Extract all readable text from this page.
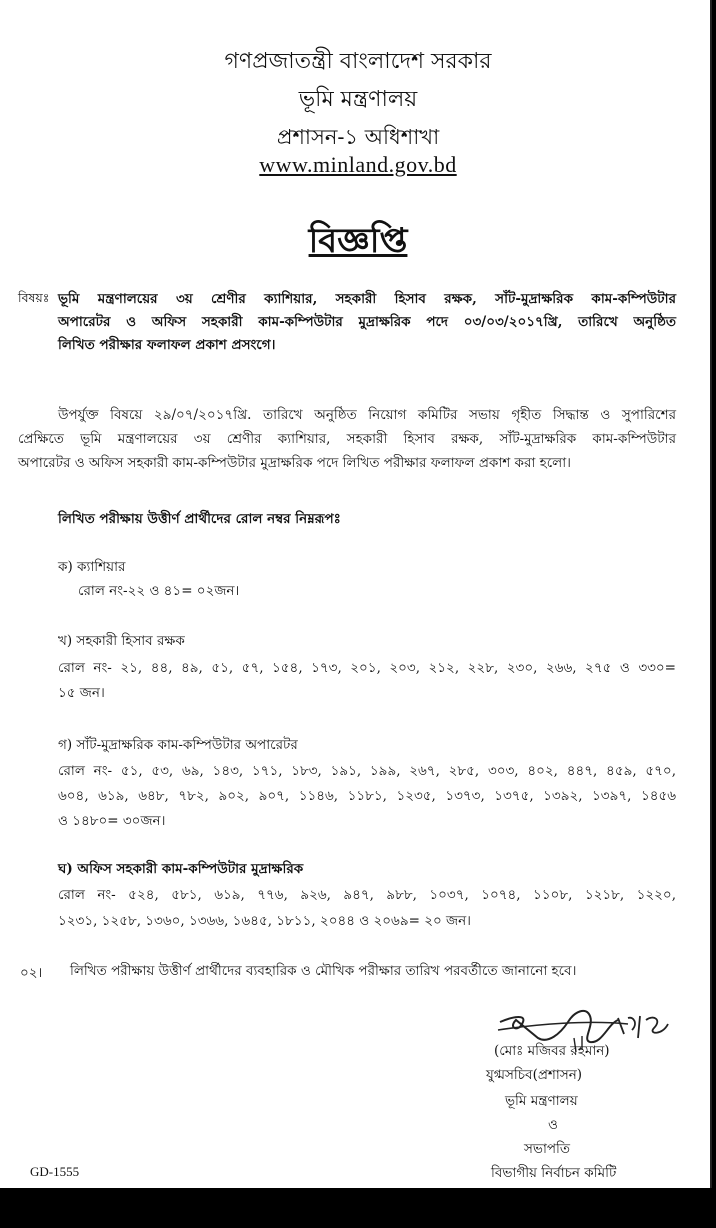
গণপ্রজাতন্ত্রী বাংলাদেশ সরকার
ভূমি মন্ত্রণালয়
প্রশাসন-১ অধিশাখা
www.minland.gov.bd
বিজ্ঞপ্তি
বিষয়ঃ ভূমি মন্ত্রণালয়ের ৩য় শ্রেণীর ক্যাশিয়ার, সহকারী হিসাব রক্ষক, সাঁট-মুদ্রাক্ষরিক কাম-কম্পিউটার
অপারেটর ও অফিস সহকারী কাম-কম্পিউটার মুদ্রাক্ষরিক পদে ০৩/০৩/২০১৭খ্রি, তারিখে অনুষ্ঠিত
লিখিত পরীক্ষার ফলাফল প্রকাশ প্রসংগে।
উপর্যুক্ত বিষয়ে ২৯/০৭/২০১৭খ্রি. তারিখে অনুষ্ঠিত নিয়োগ কমিটির সভায় গৃহীত সিদ্ধান্ত ও সুপারিশের
প্রেক্ষিতে ভূমি মন্ত্রণালয়ের ৩য় শ্রেণীর ক্যাশিয়ার, সহকারী হিসাব রক্ষক, সাঁট-মুদ্রাক্ষরিক কাম-কম্পিউটার
অপারেটর ও অফিস সহকারী কাম-কম্পিউটার মুদ্রাক্ষরিক পদে লিখিত পরীক্ষার ফলাফল প্রকাশ করা হলো।
লিখিত পরীক্ষায় উত্তীর্ণ প্রার্থীদের রোল নম্বর নিম্নরূপঃ
ক) ক্যাশিয়ার
রোল নং-২২ ও ৪১= ০২জন।
খ) সহকারী হিসাব রক্ষক
রোল নং- ২১, ৪৪, ৪৯, ৫১, ৫৭, ১৫৪, ১৭৩, ২০১, ২০৩, ২১২, ২২৮, ২৩০, ২৬৬, ২৭৫ ও ৩৩০=
১৫ জন।
গ) সাঁট-মুদ্রাক্ষরিক কাম-কম্পিউটার অপারেটর
রোল নং- ৫১, ৫৩, ৬৯, ১৪৩, ১৭১, ১৮৩, ১৯১, ১৯৯, ২৬৭, ২৮৫, ৩০৩, ৪০২, ৪৪৭, ৪৫৯, ৫৭০,
৬০৪, ৬১৯, ৬৪৮, ৭৮২, ৯০২, ৯০৭, ১১৪৬, ১১৮১, ১২৩৫, ১৩৭৩, ১৩৭৫, ১৩৯২, ১৩৯৭, ১৪৫৬
ও ১৪৮০= ৩০জন।
ঘ) অফিস সহকারী কাম-কম্পিউটার মুদ্রাক্ষরিক
রোল নং- ৫২৪, ৫৮১, ৬১৯, ৭৭৬, ৯২৬, ৯৪৭, ৯৮৮, ১০৩৭, ১০৭৪, ১১০৮, ১২১৮, ১২২০,
১২৩১, ১২৫৮, ১৩৬০, ১৩৬৬, ১৬৪৫, ১৮১১, ২০৪৪ ও ২০৬৯= ২০ জন।
০২। লিখিত পরীক্ষায় উত্তীর্ণ প্রার্থীদের ব্যবহারিক ও মৌখিক পরীক্ষার তারিখ পরবর্তীতে জানানো হবে।
(মোঃ মজিবর রহমান)
যুগ্মসচিব(প্রশাসন)
ভূমি মন্ত্রণালয়
ও
সভাপতি
বিভাগীয় নির্বাচন কমিটি
GD-1555
